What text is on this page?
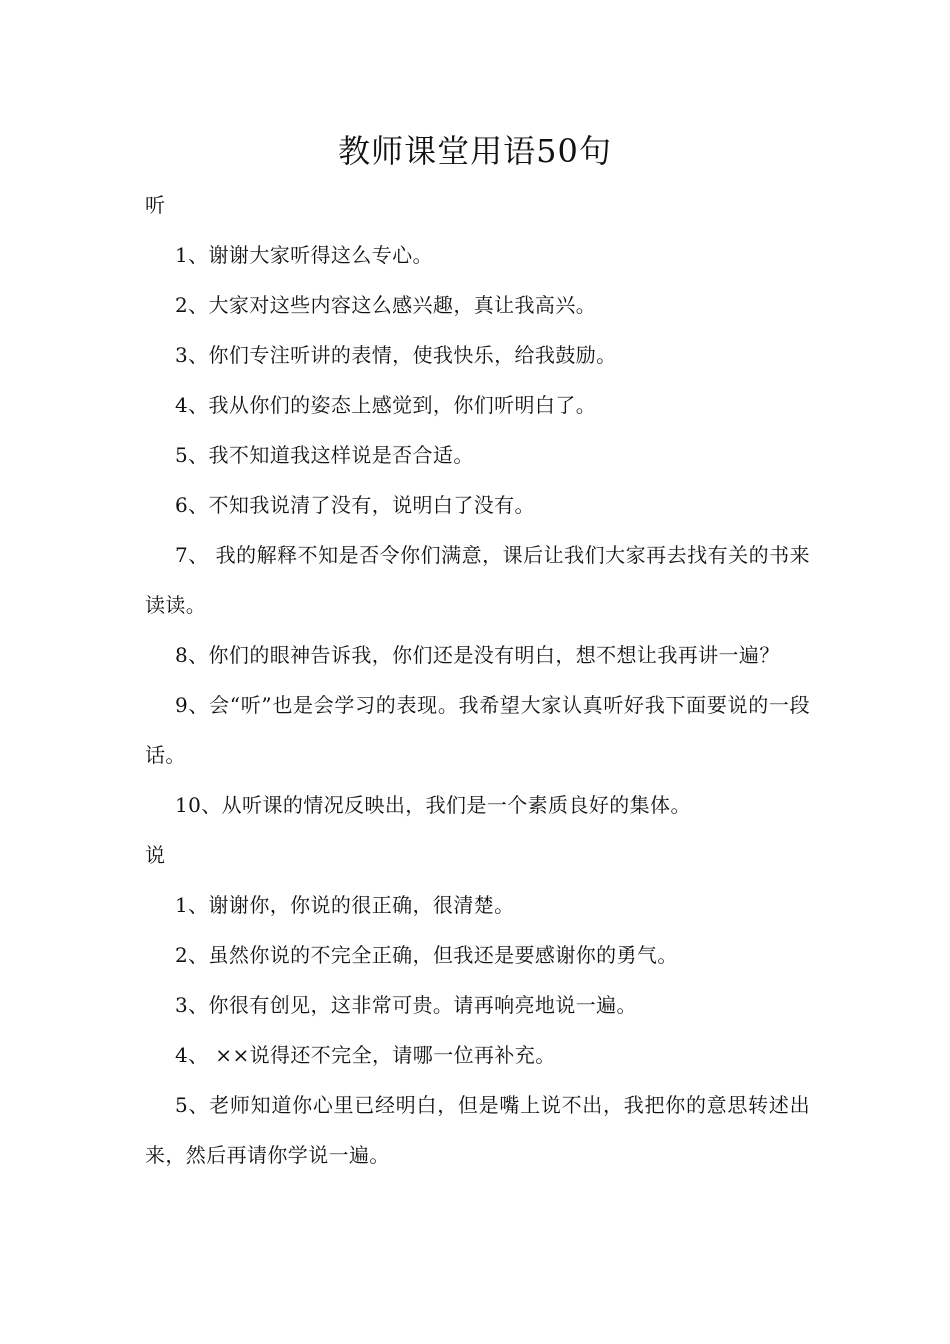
教师课堂用语50句
听

1、谢谢大家听得这么专心。

2、大家对这些内容这么感兴趣，真让我高兴。

3、你们专注听讲的表情，使我快乐，给我鼓励。

4、我从你们的姿态上感觉到，你们听明白了。

5、我不知道我这样说是否合适。

6、不知我说清了没有，说明白了没有。

7、 我的解释不知是否令你们满意，课后让我们大家再去找有关的书来读读。

8、你们的眼神告诉我，你们还是没有明白，想不想让我再讲一遍？

9、会“听”也是会学习的表现。我希望大家认真听好我下面要说的一段话。

10、从听课的情况反映出，我们是一个素质良好的集体。

说

1、谢谢你，你说的很正确，很清楚。

2、虽然你说的不完全正确，但我还是要感谢你的勇气。

3、你很有创见，这非常可贵。请再响亮地说一遍。

4、 ××说得还不完全，请哪一位再补充。

5、老师知道你心里已经明白，但是嘴上说不出，我把你的意思转述出来，然后再请你学说一遍。
